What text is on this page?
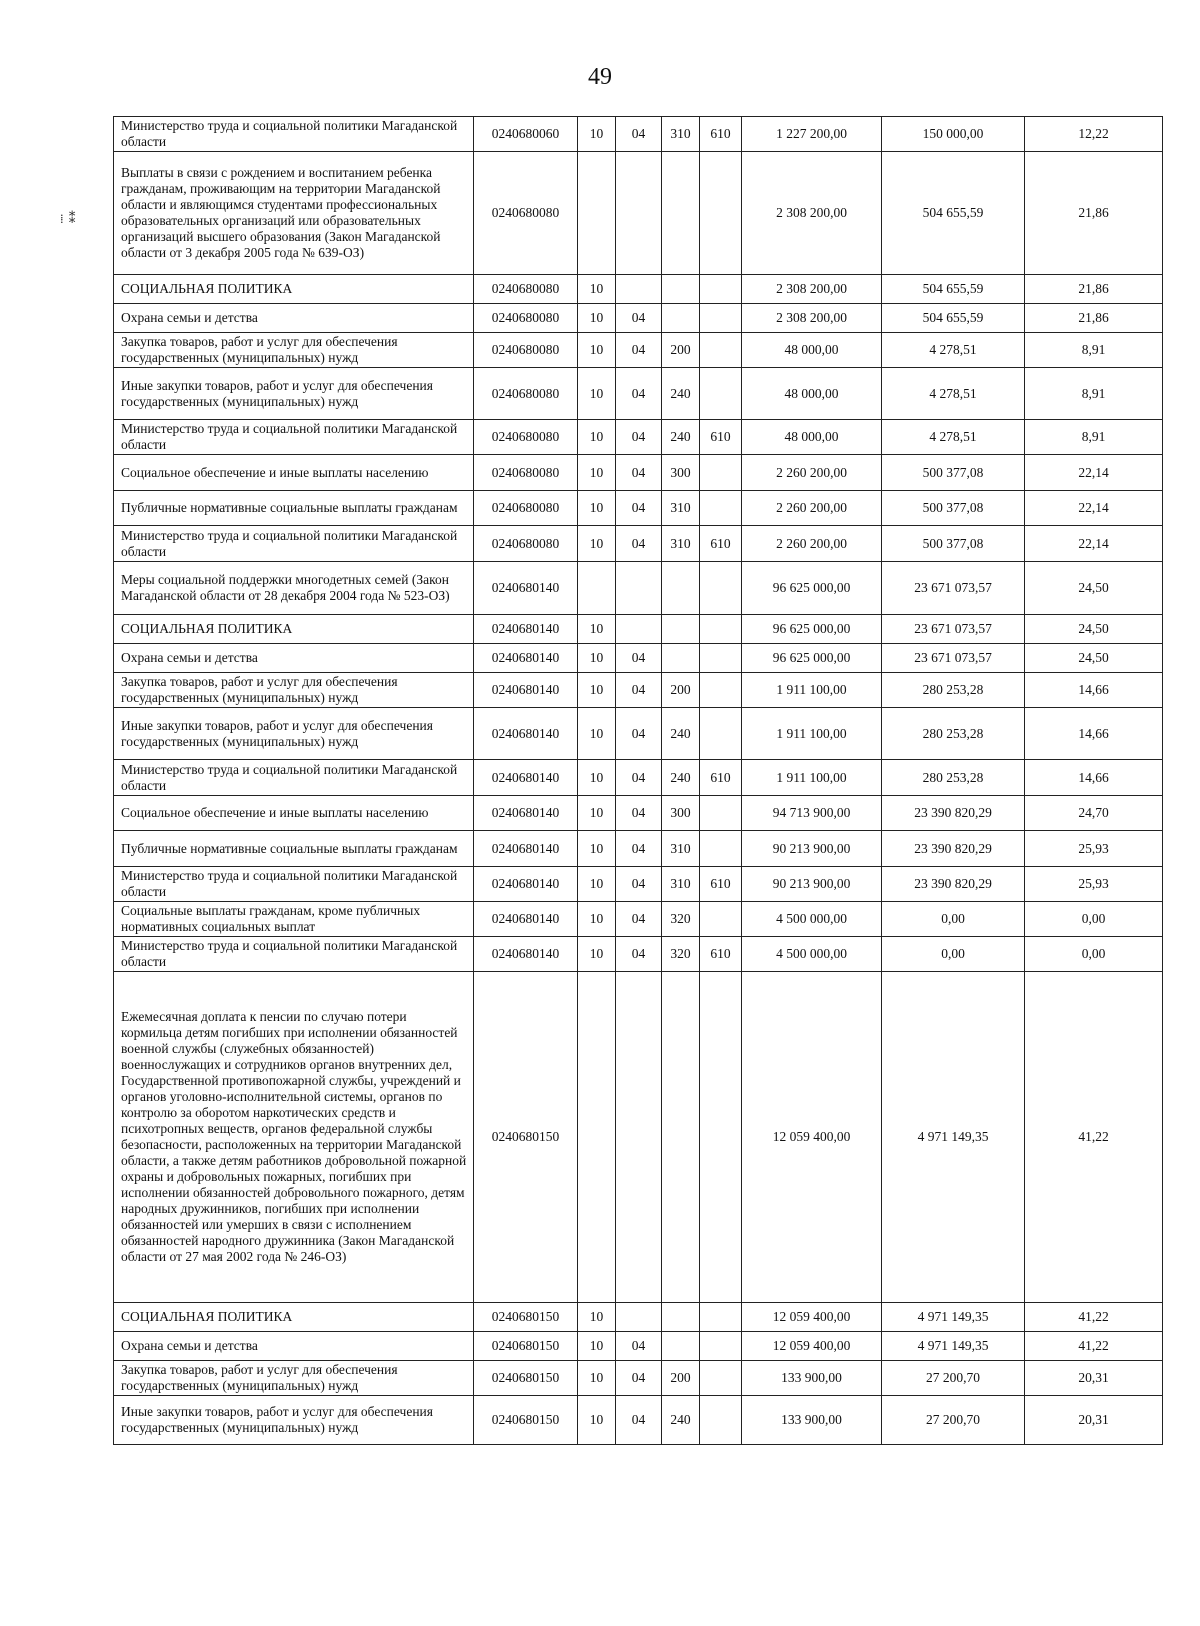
49
⁞ ⁑
Министерство труда и социальной политики Магаданской области	0240680060	10	04	310	610	1 227 200,00	150 000,00	12,22
Выплаты в связи с рождением и воспитанием ребенка гражданам, проживающим на территории Магаданской области и являющимся студентами профессиональных образовательных организаций или образовательных организаций высшего образования (Закон Магаданской области от 3 декабря 2005 года № 639-ОЗ)	0240680080					2 308 200,00	504 655,59	21,86
СОЦИАЛЬНАЯ ПОЛИТИКА	0240680080	10				2 308 200,00	504 655,59	21,86
Охрана семьи и детства	0240680080	10	04			2 308 200,00	504 655,59	21,86
Закупка товаров, работ и услуг для обеспечения государственных (муниципальных) нужд	0240680080	10	04	200		48 000,00	4 278,51	8,91
Иные закупки товаров, работ и услуг для обеспечения государственных (муниципальных) нужд	0240680080	10	04	240		48 000,00	4 278,51	8,91
Министерство труда и социальной политики Магаданской области	0240680080	10	04	240	610	48 000,00	4 278,51	8,91
Социальное обеспечение и иные выплаты населению	0240680080	10	04	300		2 260 200,00	500 377,08	22,14
Публичные нормативные социальные выплаты гражданам	0240680080	10	04	310		2 260 200,00	500 377,08	22,14
Министерство труда и социальной политики Магаданской области	0240680080	10	04	310	610	2 260 200,00	500 377,08	22,14
Меры социальной поддержки многодетных семей (Закон Магаданской области от 28 декабря 2004 года № 523-ОЗ)	0240680140					96 625 000,00	23 671 073,57	24,50
СОЦИАЛЬНАЯ ПОЛИТИКА	0240680140	10				96 625 000,00	23 671 073,57	24,50
Охрана семьи и детства	0240680140	10	04			96 625 000,00	23 671 073,57	24,50
Закупка товаров, работ и услуг для обеспечения государственных (муниципальных) нужд	0240680140	10	04	200		1 911 100,00	280 253,28	14,66
Иные закупки товаров, работ и услуг для обеспечения государственных (муниципальных) нужд	0240680140	10	04	240		1 911 100,00	280 253,28	14,66
Министерство труда и социальной политики Магаданской области	0240680140	10	04	240	610	1 911 100,00	280 253,28	14,66
Социальное обеспечение и иные выплаты населению	0240680140	10	04	300		94 713 900,00	23 390 820,29	24,70
Публичные нормативные социальные выплаты гражданам	0240680140	10	04	310		90 213 900,00	23 390 820,29	25,93
Министерство труда и социальной политики Магаданской области	0240680140	10	04	310	610	90 213 900,00	23 390 820,29	25,93
Социальные выплаты гражданам, кроме публичных нормативных социальных выплат	0240680140	10	04	320		4 500 000,00	0,00	0,00
Министерство труда и социальной политики Магаданской области	0240680140	10	04	320	610	4 500 000,00	0,00	0,00
Ежемесячная доплата к пенсии по случаю потери кормильца детям погибших при исполнении обязанностей военной службы (служебных обязанностей) военнослужащих и сотрудников органов внутренних дел, Государственной противопожарной службы, учреждений и органов уголовно-исполнительной системы, органов по контролю за оборотом наркотических средств и психотропных веществ, органов федеральной службы безопасности, расположенных на территории Магаданской области, а также детям работников добровольной пожарной охраны и добровольных пожарных, погибших при исполнении обязанностей добровольного пожарного, детям народных дружинников, погибших при исполнении обязанностей или умерших в связи с исполнением обязанностей народного дружинника (Закон Магаданской области от 27 мая 2002 года № 246-ОЗ)	0240680150					12 059 400,00	4 971 149,35	41,22
СОЦИАЛЬНАЯ ПОЛИТИКА	0240680150	10				12 059 400,00	4 971 149,35	41,22
Охрана семьи и детства	0240680150	10	04			12 059 400,00	4 971 149,35	41,22
Закупка товаров, работ и услуг для обеспечения государственных (муниципальных) нужд	0240680150	10	04	200		133 900,00	27 200,70	20,31
Иные закупки товаров, работ и услуг для обеспечения государственных (муниципальных) нужд	0240680150	10	04	240		133 900,00	27 200,70	20,31
